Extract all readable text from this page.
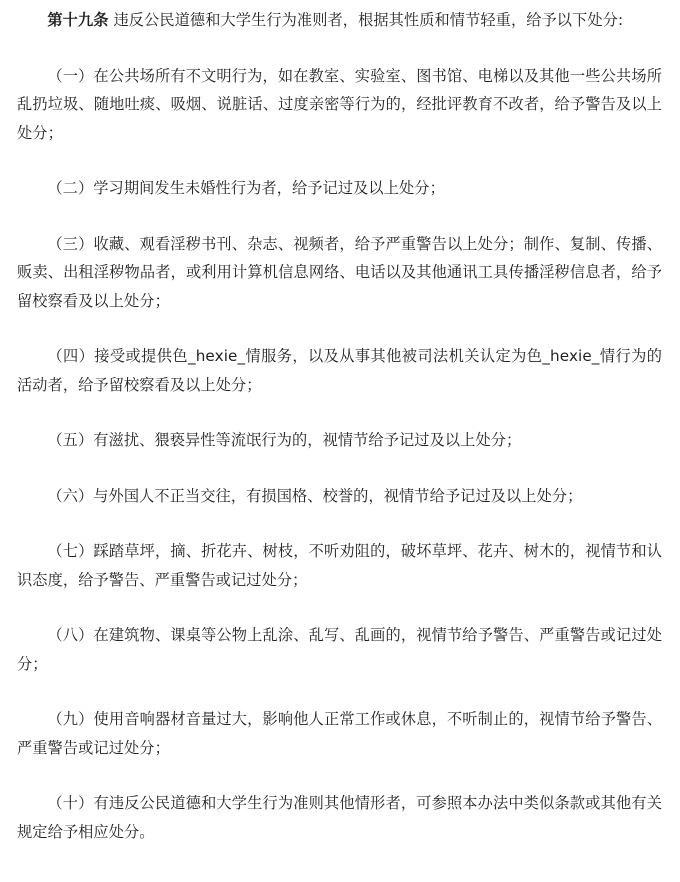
第十九条 违反公民道德和大学生行为准则者，根据其性质和情节轻重，给予以下处分:

（一）在公共场所有不文明行为，如在教室、实验室、图书馆、电梯以及其他一些公共场所乱扔垃圾、随地吐痰、吸烟、说脏话、过度亲密等行为的，经批评教育不改者，给予警告及以上处分；

（二）学习期间发生未婚性行为者，给予记过及以上处分；

（三）收藏、观看淫秽书刊、杂志、视频者，给予严重警告以上处分；制作、复制、传播、贩卖、出租淫秽物品者，或利用计算机信息网络、电话以及其他通讯工具传播淫秽信息者，给予留校察看及以上处分；

（四）接受或提供色_hexie_情服务，以及从事其他被司法机关认定为色_hexie_情行为的活动者，给予留校察看及以上处分；

（五）有滋扰、猥亵异性等流氓行为的，视情节给予记过及以上处分；

（六）与外国人不正当交往，有损国格、校誉的，视情节给予记过及以上处分；

（七）踩踏草坪，摘、折花卉、树枝，不听劝阻的，破坏草坪、花卉、树木的，视情节和认识态度，给予警告、严重警告或记过处分；

（八）在建筑物、课桌等公物上乱涂、乱写、乱画的，视情节给予警告、严重警告或记过处分；

（九）使用音响器材音量过大，影响他人正常工作或休息，不听制止的，视情节给予警告、严重警告或记过处分；

（十）有违反公民道德和大学生行为准则其他情形者，可参照本办法中类似条款或其他有关规定给予相应处分。
